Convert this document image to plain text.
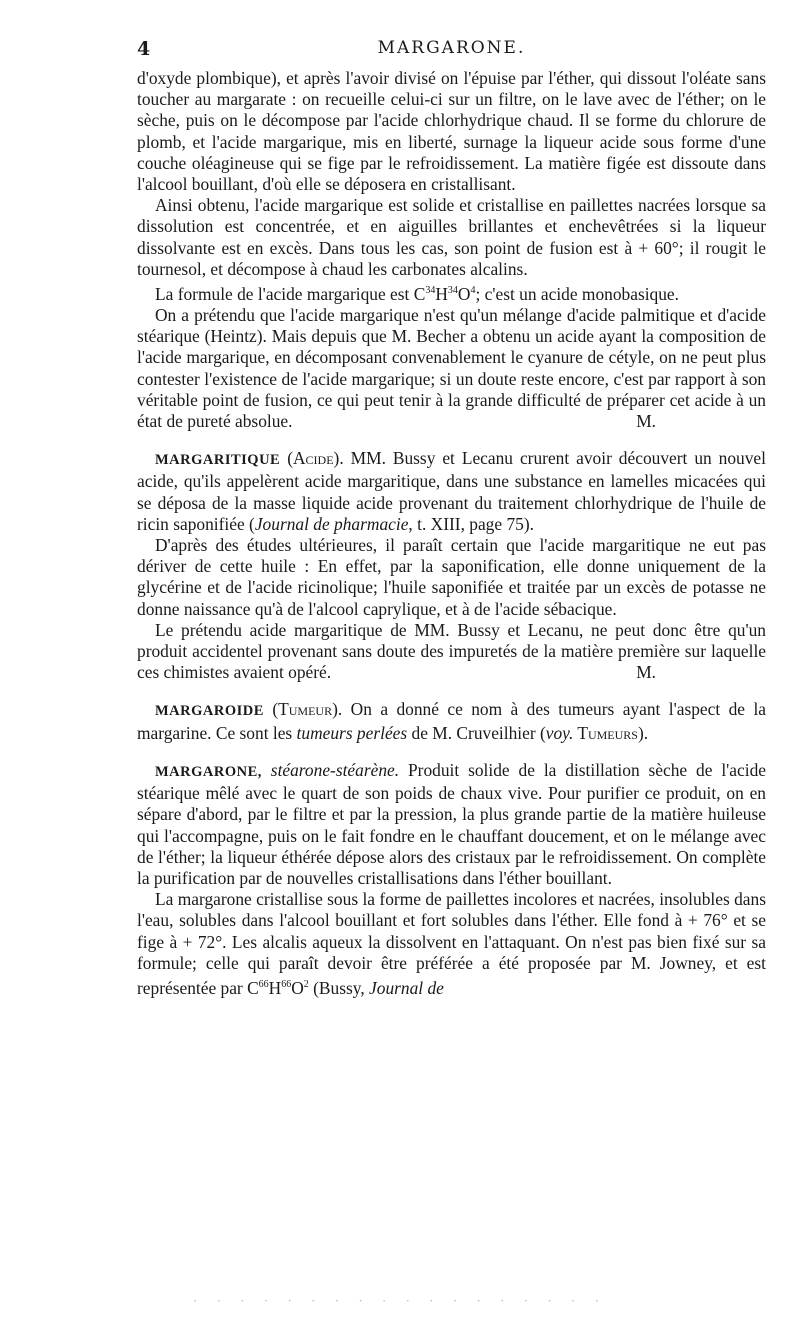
4	MARGARONE.

d'oxyde plombique), et après l'avoir divisé on l'épuise par l'éther, qui dissout l'oléate sans toucher au margarate : on recueille celui-ci sur un filtre, on le lave avec de l'éther; on le sèche, puis on le décompose par l'acide chlorhydrique chaud. Il se forme du chlorure de plomb, et l'acide margarique, mis en liberté, surnage la liqueur acide sous forme d'une couche oléagineuse qui se fige par le refroidissement. La matière figée est dissoute dans l'alcool bouillant, d'où elle se déposera en cristallisant.

Ainsi obtenu, l'acide margarique est solide et cristallise en paillettes nacrées lorsque sa dissolution est concentrée, et en aiguilles brillantes et enchevêtrées si la liqueur dissolvante est en excès. Dans tous les cas, son point de fusion est à + 60°; il rougit le tournesol, et décompose à chaud les carbonates alcalins.

La formule de l'acide margarique est $C^{34}H^{34}O^4$; c'est un acide monobasique.

On a prétendu que l'acide margarique n'est qu'un mélange d'acide palmitique et d'acide stéarique (Heintz). Mais depuis que M. Becher a obtenu un acide ayant la composition de l'acide margarique, en décomposant convenablement le cyanure de cétyle, on ne peut plus contester l'existence de l'acide margarique; si un doute reste encore, c'est par rapport à son véritable point de fusion, ce qui peut tenir à la grande difficulté de préparer cet acide à un état de pureté absolue.	M.

MARGARITIQUE (Acide). MM. Bussy et Lecanu crurent avoir découvert un nouvel acide, qu'ils appelèrent acide margaritique, dans une substance en lamelles micacées qui se déposa de la masse liquide acide provenant du traitement chlorhydrique de l'huile de ricin saponifiée (Journal de pharmacie, t. XIII, page 75).

D'après des études ultérieures, il paraît certain que l'acide margaritique ne eut pas dériver de cette huile : En effet, par la saponification, elle donne uniquement de la glycérine et de l'acide ricinolique; l'huile saponifiée et traitée par un excès de potasse ne donne naissance qu'à de l'alcool caprylique, et à de l'acide sébacique.

Le prétendu acide margaritique de MM. Bussy et Lecanu, ne peut donc être qu'un produit accidentel provenant sans doute des impuretés de la matière première sur laquelle ces chimistes avaient opéré.	M.

MARGAROIDE (Tumeur). On a donné ce nom à des tumeurs ayant l'aspect de la margarine. Ce sont les tumeurs perlées de M. Cruveilhier (voy. Tumeurs).

MARGARONE, stéarone-stéarène. Produit solide de la distillation sèche de l'acide stéarique mêlé avec le quart de son poids de chaux vive. Pour purifier ce produit, on en sépare d'abord, par le filtre et par la pression, la plus grande partie de la matière huileuse qui l'accompagne, puis on le fait fondre en le chauffant doucement, et on le mélange avec de l'éther; la liqueur éthérée dépose alors des cristaux par le refroidissement. On complète la purification par de nouvelles cristallisations dans l'éther bouillant.

La margarone cristallise sous la forme de paillettes incolores et nacrées, insolubles dans l'eau, solubles dans l'alcool bouillant et fort solubles dans l'éther. Elle fond à + 76° et se fige à + 72°. Les alcalis aqueux la dissolvent en l'attaquant. On n'est pas bien fixé sur sa formule; celle qui paraît devoir être préférée a été proposée par M. Jowney, et est représentée par $C^{66}H^{66}O^2$ (Bussy, Journal de

· · · · · · · · · · · · · · · · · ·
